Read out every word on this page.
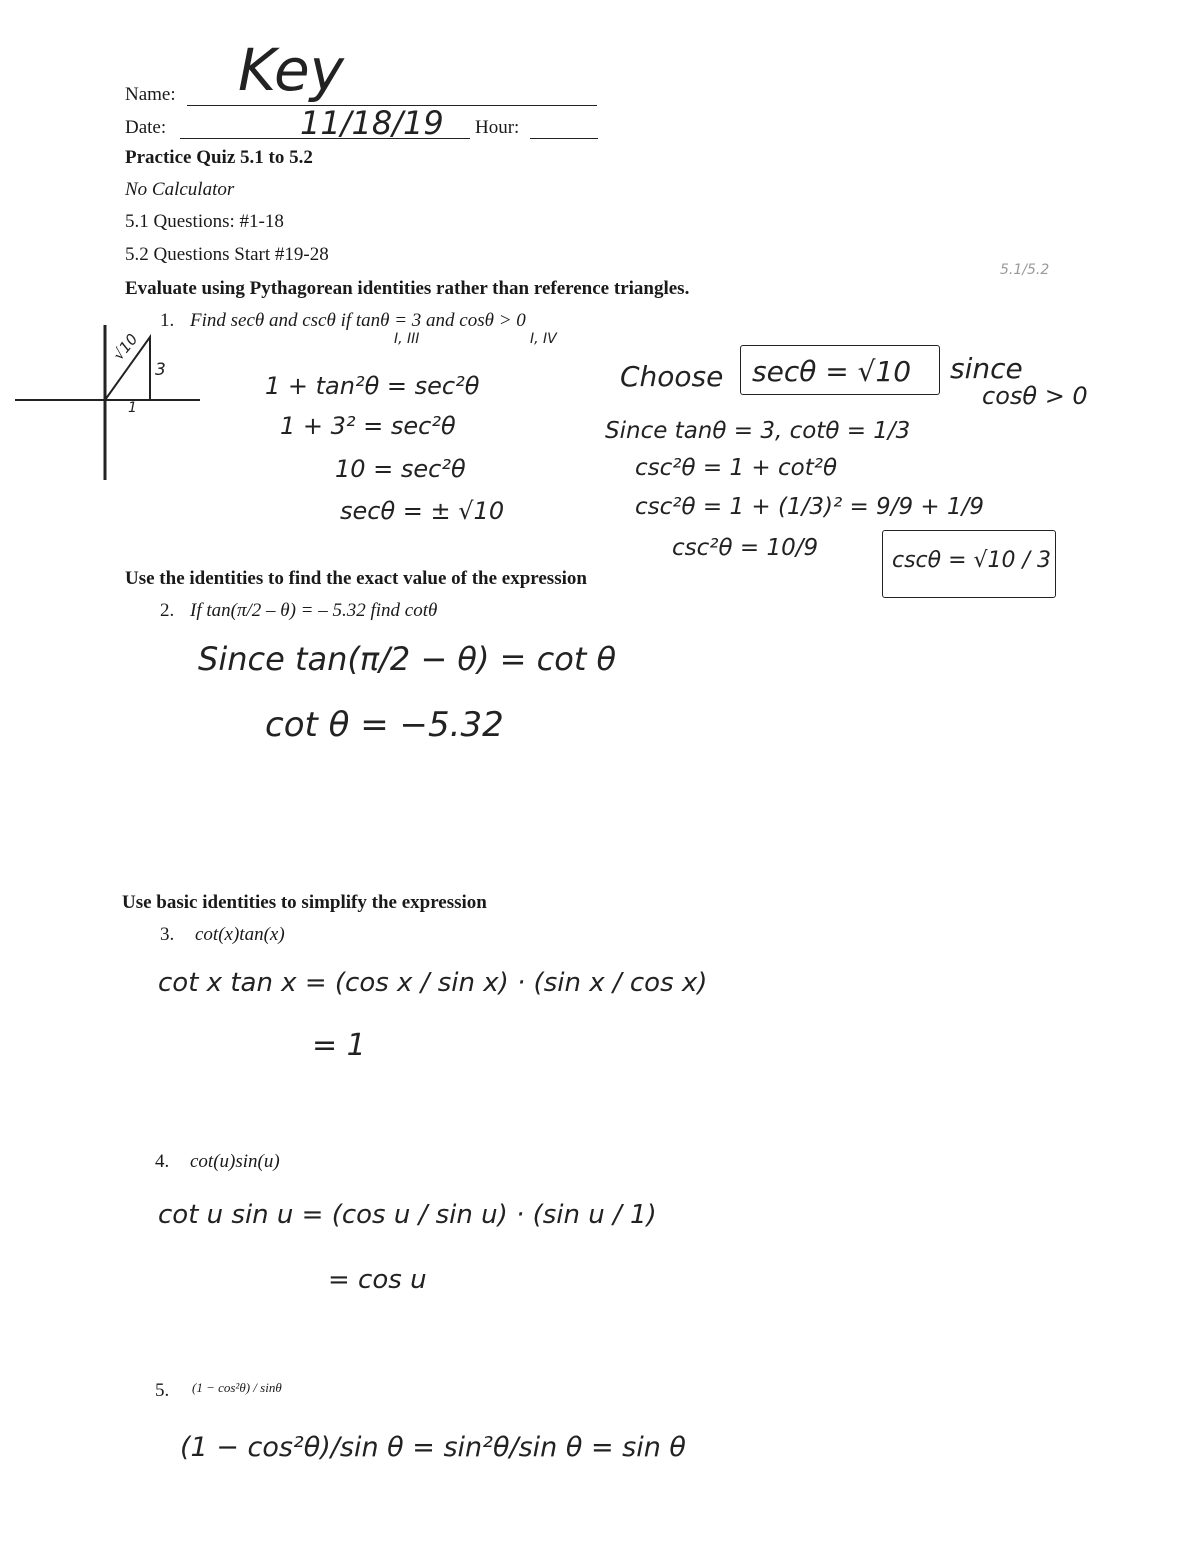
Name: Key
Date:	11/18/19 Hour:
Practice Quiz 5.1 to 5.2
No Calculator
5.1 Questions: #1-18
5.2 Questions Start #19-28
5.1/5.2
Evaluate using Pythagorean identities rather than reference triangles.
1. Find secθ and cscθ if tanθ = 3 and cosθ > 0
I, III	I, IV
√10
3
1
1 + tan²θ = sec²θ
1 + 3² = sec²θ
10 = sec²θ
secθ = ± √10
Choose secθ = √10 since
cosθ > 0
Since tanθ = 3, cotθ = 1/3
csc²θ = 1 + cot²θ
csc²θ = 1 + (1/3)² = 9/9 + 1/9
csc²θ = 10/9	cscθ = √10 / 3
Use the identities to find the exact value of the expression
2. If tan(π/2 – θ) = – 5.32 find cotθ
Since tan(π/2 − θ) = cot θ
cot θ = −5.32
Use basic identities to simplify the expression
3. cot(x)tan(x)
cot x tan x = (cos x / sin x) · (sin x / cos x)
= 1
4. cot(u)sin(u)
cot u sin u = (cos u / sin u) · (sin u / 1)
= cos u
5. (1 − cos²θ) / sinθ
(1 − cos²θ)/sin θ = sin²θ/sin θ = sin θ
